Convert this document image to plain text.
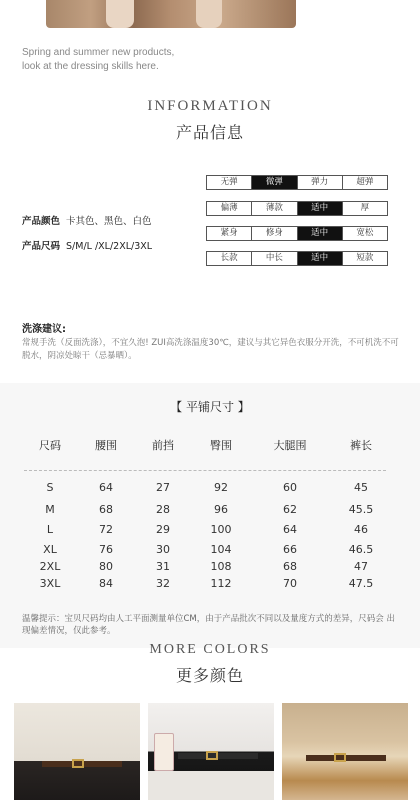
Spring and summer new products,
look at the dressing skills here.
INFORMATION
产品信息
无弹	微弹	弹力	超弹
偏薄	薄款	适中	厚
紧身	修身	适中	宽松
长款	中长	适中	短款
产品颜色 卡其色、黑色、白色
产品尺码 S/M/L /XL/2XL/3XL
洗涤建议:
常规手洗（反面洗涤），不宜久泡! ZUI高洗涤温度30℃，建议与其它异色衣服分开洗，不可机洗不可脱水，阴凉处晾干（忌暴晒）。
【 平铺尺寸 】
尺码	腰围	前挡	臀围	大腿围	裤长
S	64	27	92	60	45
M	68	28	96	62	45.5
L	72	29	100	64	46
XL	76	30	104	66	46.5
2XL	80	31	108	68	47
3XL	84	32	112	70	47.5
温馨提示：宝贝尺码均由人工平面测量单位CM，由于产品批次不同以及量度方式的差异，尺码会 出现偏差情况，仅此参考。
MORE COLORS
更多颜色
